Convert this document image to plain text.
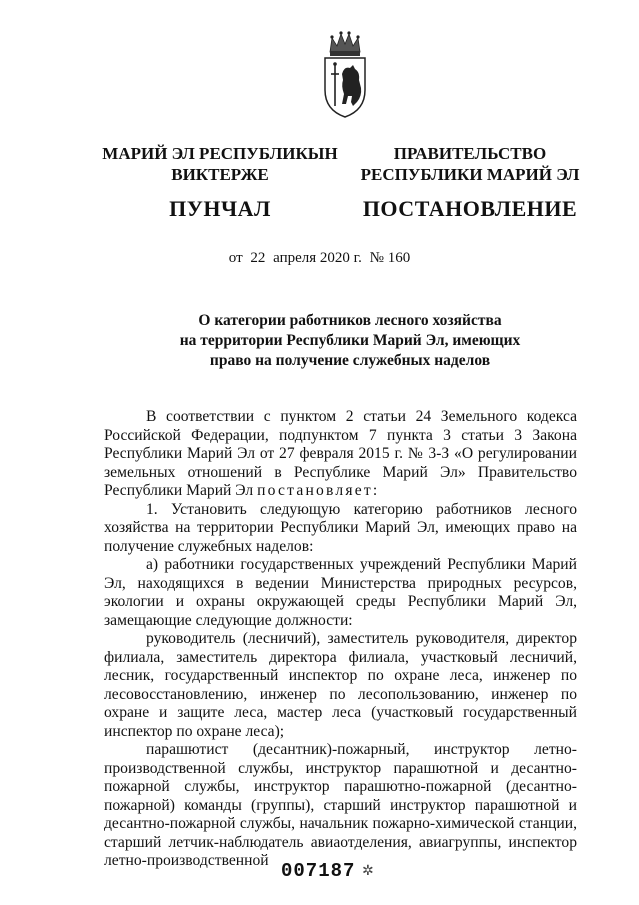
МАРИЙ ЭЛ РЕСПУБЛИКЫН
ВИКТЕРЖЕ
ПУНЧАЛ
ПРАВИТЕЛЬСТВО
РЕСПУБЛИКИ МАРИЙ ЭЛ
ПОСТАНОВЛЕНИЕ
от 22 апреля 2020 г. № 160
О категории работников лесного хозяйства
на территории Республики Марий Эл, имеющих
право на получение служебных наделов

В соответствии с пунктом 2 статьи 24 Земельного кодекса Российской Федерации, подпунктом 7 пункта 3 статьи 3 Закона Республики Марий Эл от 27 февраля 2015 г. № 3-З «О регулировании земельных отношений в Республике Марий Эл» Правительство Республики Марий Эл постановляет:

1. Установить следующую категорию работников лесного хозяйства на территории Республики Марий Эл, имеющих право на получение служебных наделов:

а) работники государственных учреждений Республики Марий Эл, находящихся в ведении Министерства природных ресурсов, экологии и охраны окружающей среды Республики Марий Эл, замещающие следующие должности:

руководитель (лесничий), заместитель руководителя, директор филиала, заместитель директора филиала, участковый лесничий, лесник, государственный инспектор по охране леса, инженер по лесовосстановлению, инженер по лесопользованию, инженер по охране и защите леса, мастер леса (участковый государственный инспектор по охране леса);

парашютист (десантник)-пожарный, инструктор летно-производственной службы, инструктор парашютной и десантно-пожарной службы, инструктор парашютно-пожарной (десантно-пожарной) команды (группы), старший инструктор парашютной и десантно-пожарной службы, начальник пожарно-химической станции, старший летчик-наблюдатель авиаотделения, авиагруппы, инспектор летно-производственной 007187 ✲
